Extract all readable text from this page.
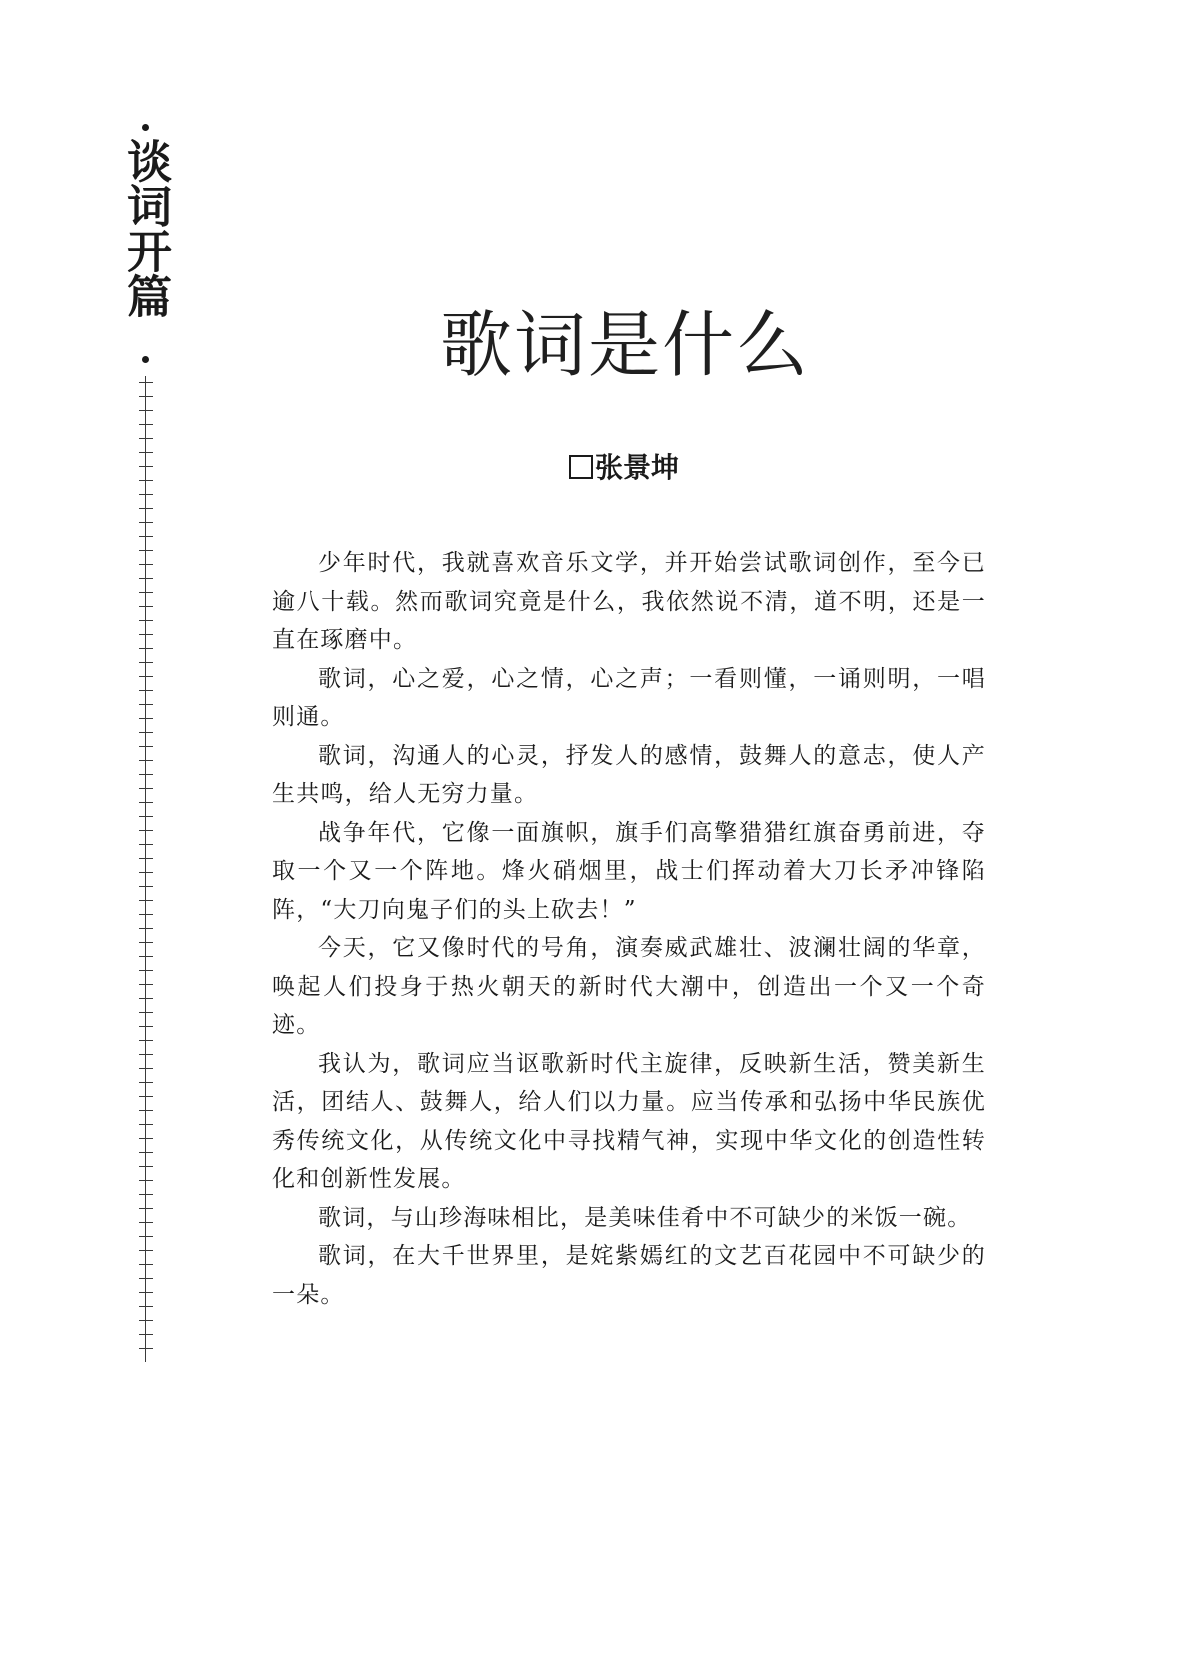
谈词开篇
歌词是什么
张景坤

少年时代，我就喜欢音乐文学，并开始尝试歌词创作，至今已逾八十载。然而歌词究竟是什么，我依然说不清，道不明，还是一直在琢磨中。

歌词，心之爱，心之情，心之声；一看则懂，一诵则明，一唱则通。

歌词，沟通人的心灵，抒发人的感情，鼓舞人的意志，使人产生共鸣，给人无穷力量。

战争年代，它像一面旗帜，旗手们高擎猎猎红旗奋勇前进，夺取一个又一个阵地。烽火硝烟里，战士们挥动着大刀长矛冲锋陷阵，“大刀向鬼子们的头上砍去！”

今天，它又像时代的号角，演奏威武雄壮、波澜壮阔的华章，唤起人们投身于热火朝天的新时代大潮中，创造出一个又一个奇迹。

我认为，歌词应当讴歌新时代主旋律，反映新生活，赞美新生活，团结人、鼓舞人，给人们以力量。应当传承和弘扬中华民族优秀传统文化，从传统文化中寻找精气神，实现中华文化的创造性转化和创新性发展。

歌词，与山珍海味相比，是美味佳肴中不可缺少的米饭一碗。

歌词，在大千世界里，是姹紫嫣红的文艺百花园中不可缺少的一朵。
